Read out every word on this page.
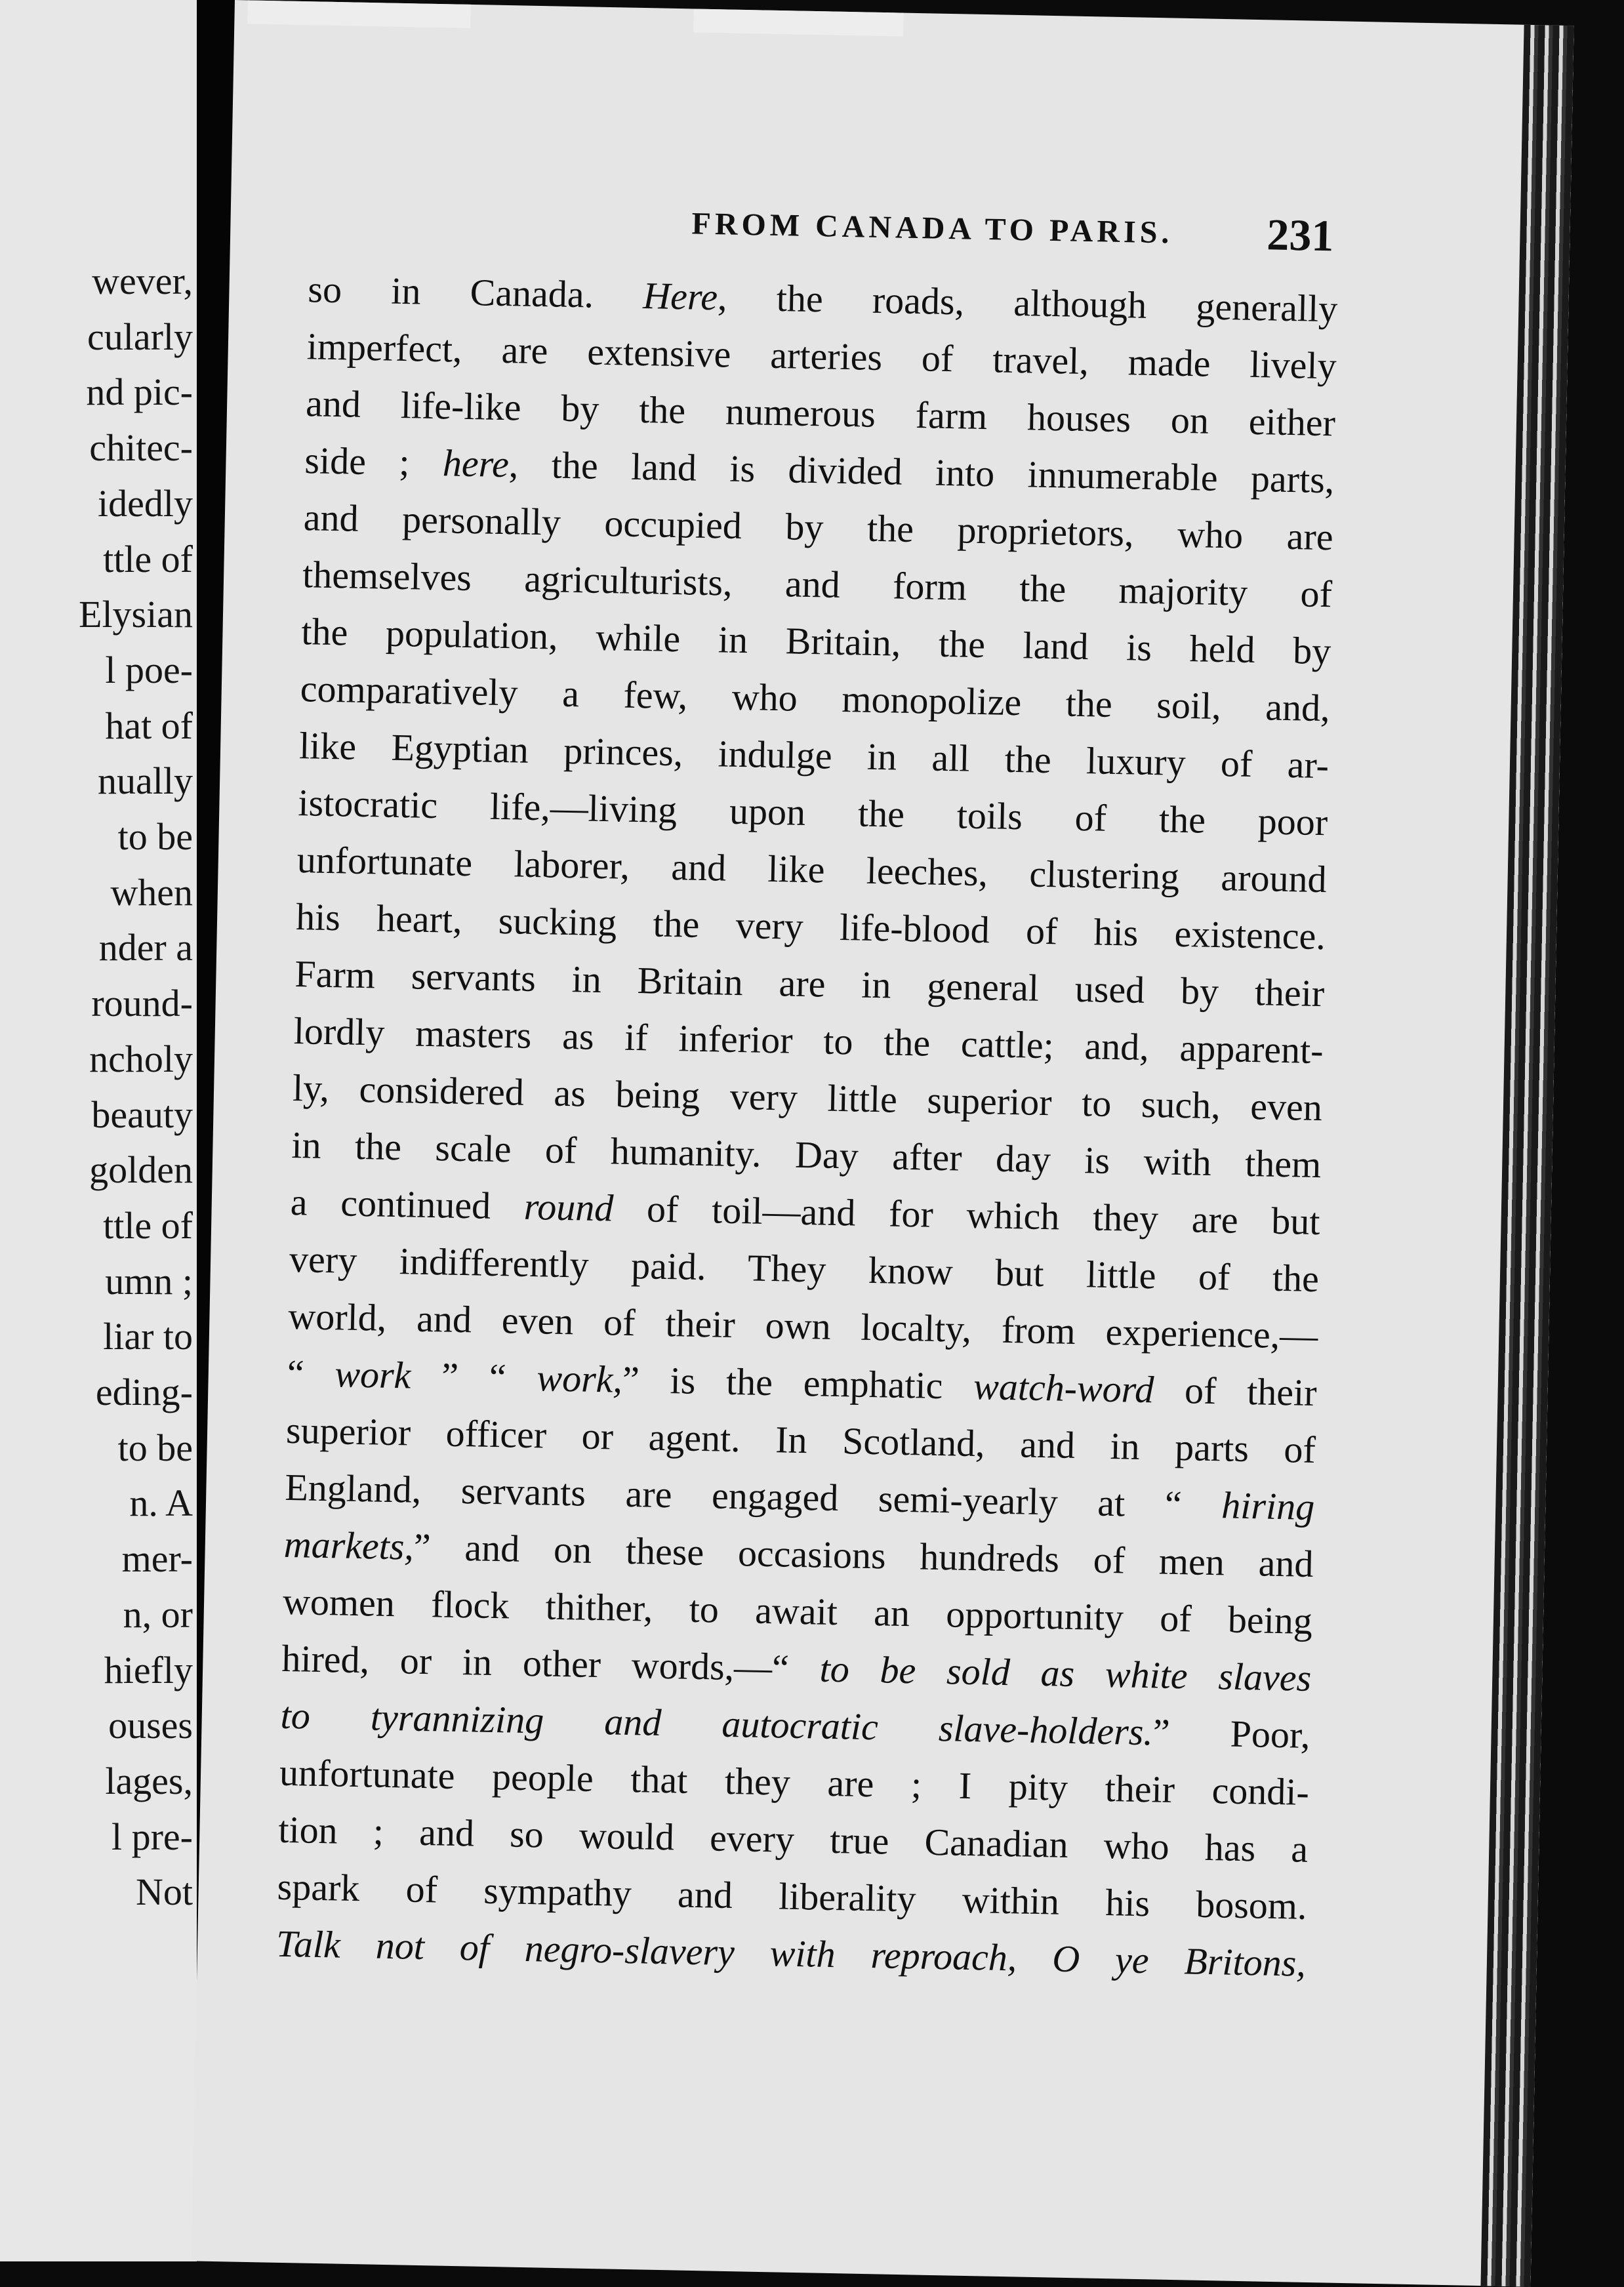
wever,
cularly
nd pic-
chitec-
idedly
ttle of
Elysian
l poe-
hat of
nually
to be
when
nder a
round-
ncholy
beauty
golden
ttle of
umn ;
liar to
eding-
to be
n. A
mer-
n, or
hiefly
ouses
lages,
l pre-
Not
FROM CANADA TO PARIS.	231
so in Canada. Here, the roads, although generally
imperfect, are extensive arteries of travel, made lively
and life-like by the numerous farm houses on either
side ; here, the land is divided into innumerable parts,
and personally occupied by the proprietors, who are
themselves agriculturists, and form the majority of
the population, while in Britain, the land is held by
comparatively a few, who monopolize the soil, and,
like Egyptian princes, indulge in all the luxury of ar-
istocratic life,—living upon the toils of the poor
unfortunate laborer, and like leeches, clustering around
his heart, sucking the very life-blood of his existence.
Farm servants in Britain are in general used by their
lordly masters as if inferior to the cattle; and, apparent-
ly, considered as being very little superior to such, even
in the scale of humanity. Day after day is with them
a continued round of toil—and for which they are but
very indifferently paid. They know but little of the
world, and even of their own localty, from experience,—
“ work ” “ work,” is the emphatic watch-word of their
superior officer or agent. In Scotland, and in parts of
England, servants are engaged semi-yearly at “ hiring
markets,” and on these occasions hundreds of men and
women flock thither, to await an opportunity of being
hired, or in other words,—“ to be sold as white slaves
to tyrannizing and autocratic slave-holders.” Poor,
unfortunate people that they are ; I pity their condi-
tion ; and so would every true Canadian who has a
spark of sympathy and liberality within his bosom.
Talk not of negro-slavery with reproach, O ye Britons,
